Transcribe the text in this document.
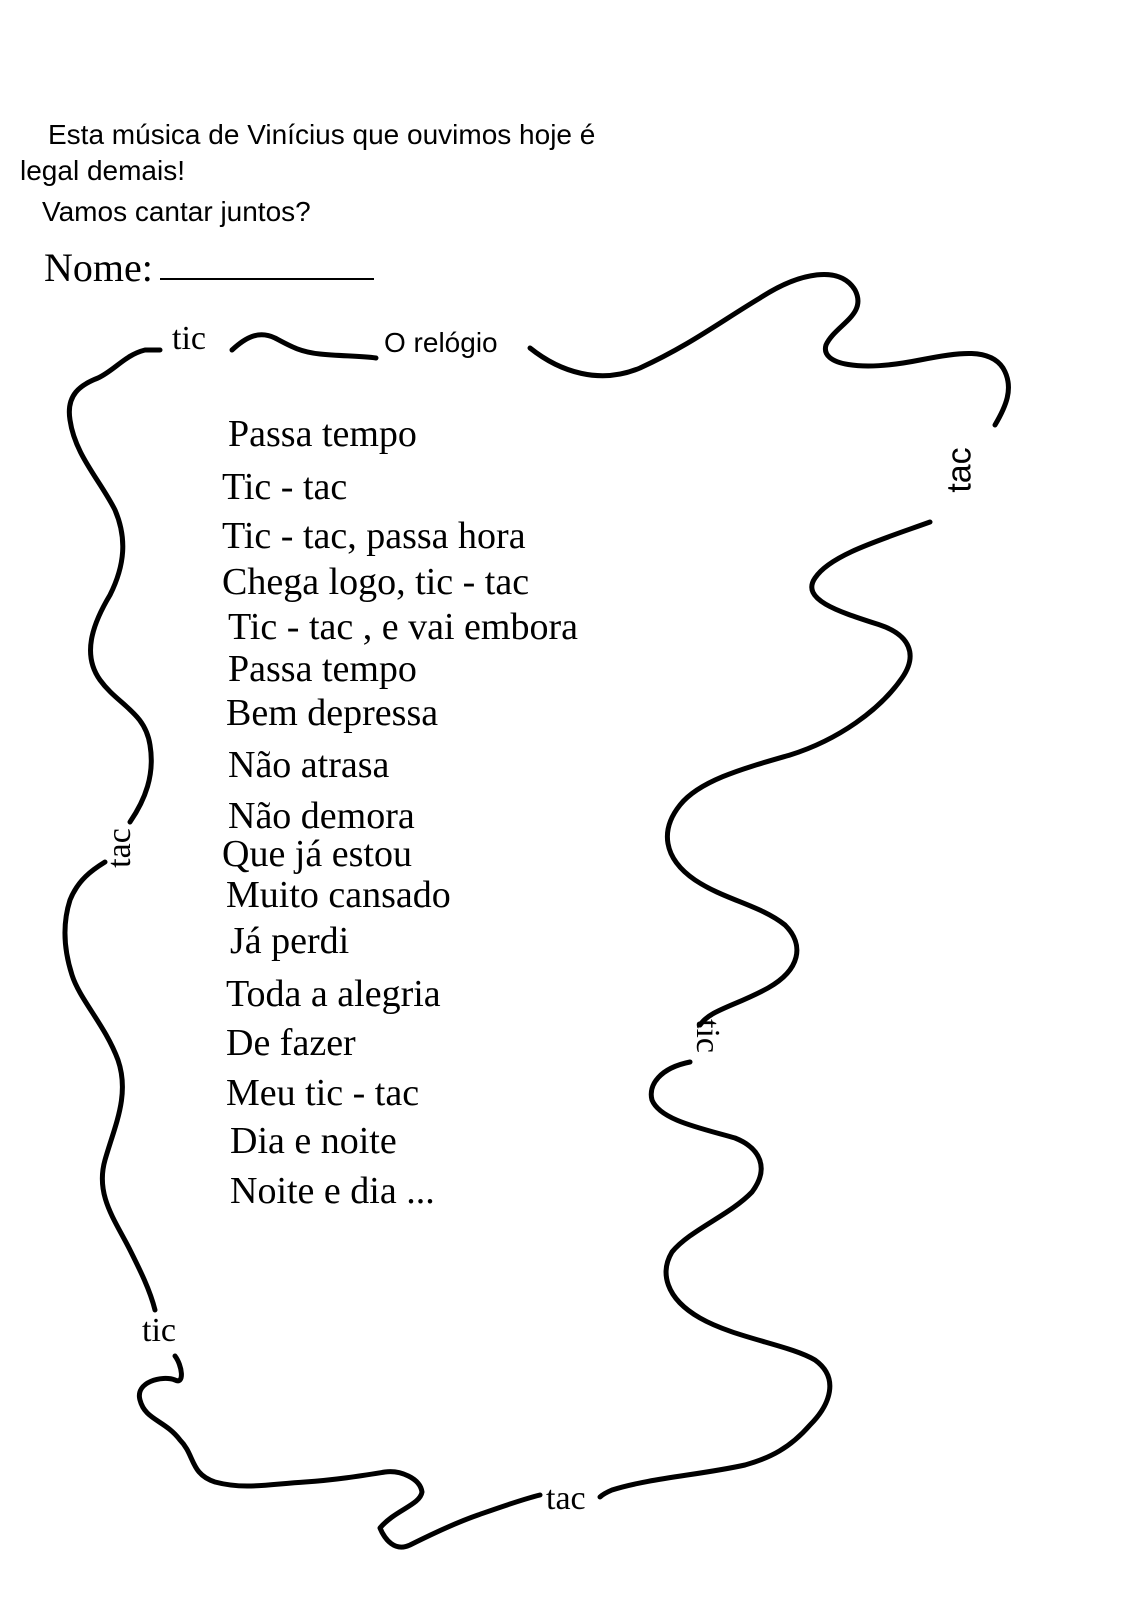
Esta música de Vinícius que ouvimos hoje é
legal demais!
Vamos cantar juntos?
Nome:
O relógio
tic
tac
tac
tic
tic
tac
Passa tempo
Tic - tac
Tic - tac, passa hora
Chega logo, tic - tac
Tic - tac , e vai embora
Passa tempo
Bem depressa
Não atrasa
Não demora
Que já estou
Muito cansado
Já perdi
Toda a alegria
De fazer
Meu tic - tac
Dia e noite
Noite e dia ...
